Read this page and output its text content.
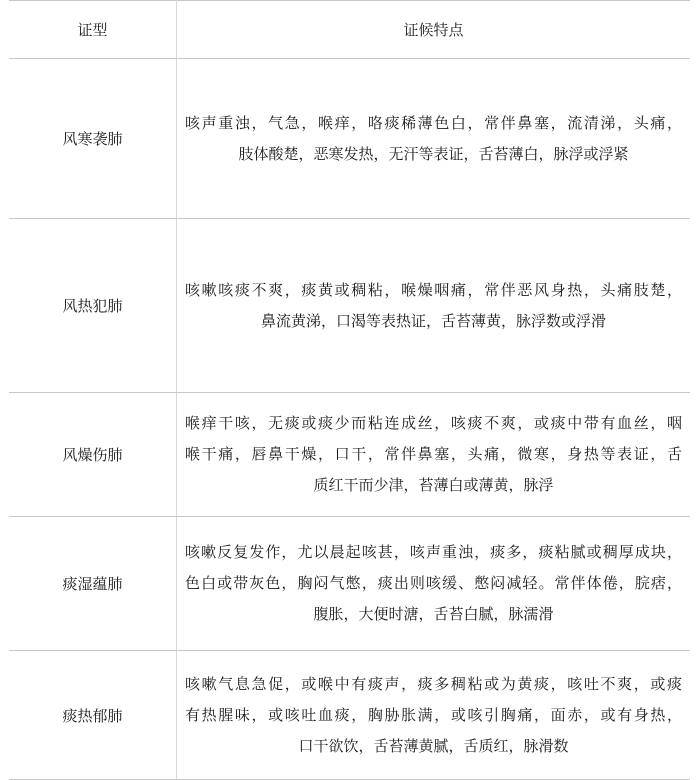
证型	证候特点
风寒袭肺	咳声重浊，气急，喉痒，咯痰稀薄色白，常伴鼻塞，流清涕，头痛，
肢体酸楚，恶寒发热，无汗等表证，舌苔薄白，脉浮或浮紧

风热犯肺	咳嗽咳痰不爽，痰黄或稠粘，喉燥咽痛，常伴恶风身热，头痛肢楚，
鼻流黄涕，口渴等表热证，舌苔薄黄，脉浮数或浮滑

风燥伤肺	喉痒干咳，无痰或痰少而粘连成丝，咳痰不爽，或痰中带有血丝，咽
喉干痛，唇鼻干燥，口干，常伴鼻塞，头痛，微寒，身热等表证，舌
质红干而少津，苔薄白或薄黄，脉浮

痰湿蕴肺	咳嗽反复发作，尤以晨起咳甚，咳声重浊，痰多，痰粘腻或稠厚成块，
色白或带灰色，胸闷气憋，痰出则咳缓、憋闷减轻。常伴体倦，脘痞，
腹胀，大便时溏，舌苔白腻，脉濡滑

痰热郁肺	咳嗽气息急促，或喉中有痰声，痰多稠粘或为黄痰，咳吐不爽，或痰
有热腥味，或咳吐血痰，胸胁胀满，或咳引胸痛，面赤，或有身热，
口干欲饮，舌苔薄黄腻，舌质红，脉滑数
